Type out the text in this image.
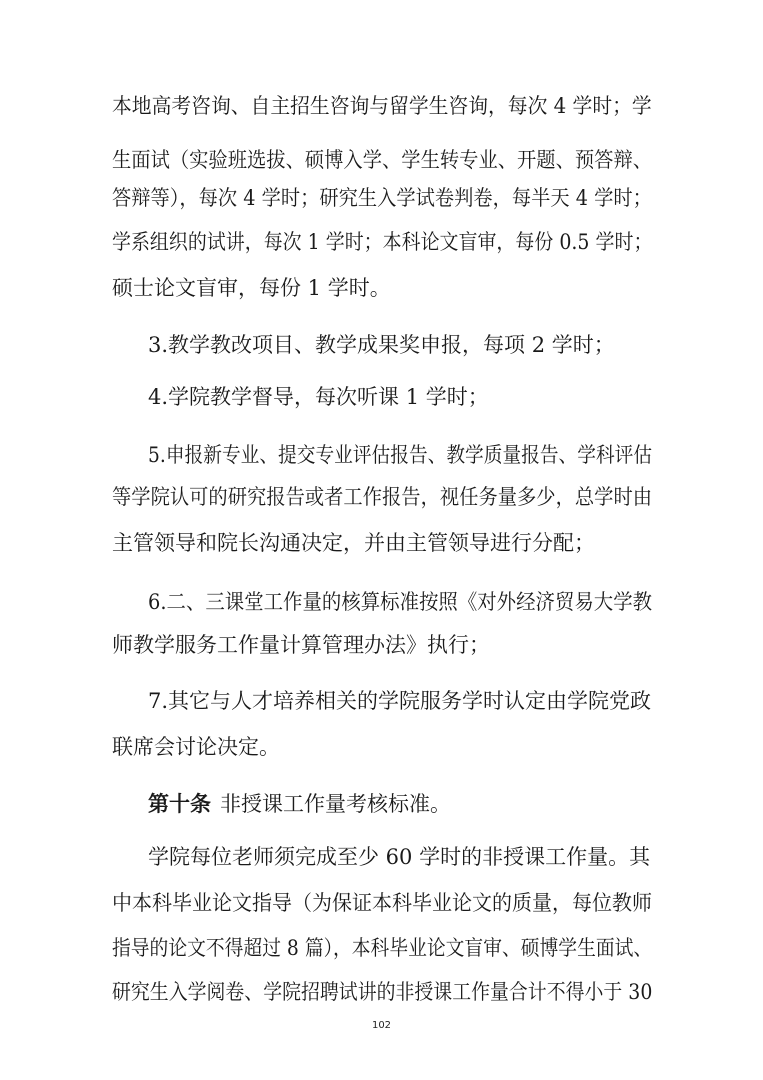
本地高考咨询、自主招生咨询与留学生咨询，每次 4 学时；学
生面试（实验班选拔、硕博入学、学生转专业、开题、预答辩、
答辩等），每次 4 学时；研究生入学试卷判卷，每半天 4 学时；
学系组织的试讲，每次 1 学时；本科论文盲审，每份 0.5 学时；
硕士论文盲审，每份 1 学时。
3.教学教改项目、教学成果奖申报，每项 2 学时；
4.学院教学督导，每次听课 1 学时；
5.申报新专业、提交专业评估报告、教学质量报告、学科评估
等学院认可的研究报告或者工作报告，视任务量多少，总学时由
主管领导和院长沟通决定，并由主管领导进行分配；
6.二、三课堂工作量的核算标准按照《对外经济贸易大学教
师教学服务工作量计算管理办法》执行；
7.其它与人才培养相关的学院服务学时认定由学院党政
联席会讨论决定。
第十条 非授课工作量考核标准。
学院每位老师须完成至少 60 学时的非授课工作量。其
中本科毕业论文指导（为保证本科毕业论文的质量，每位教师
指导的论文不得超过 8 篇），本科毕业论文盲审、硕博学生面试、
研究生入学阅卷、学院招聘试讲的非授课工作量合计不得小于 30
102
